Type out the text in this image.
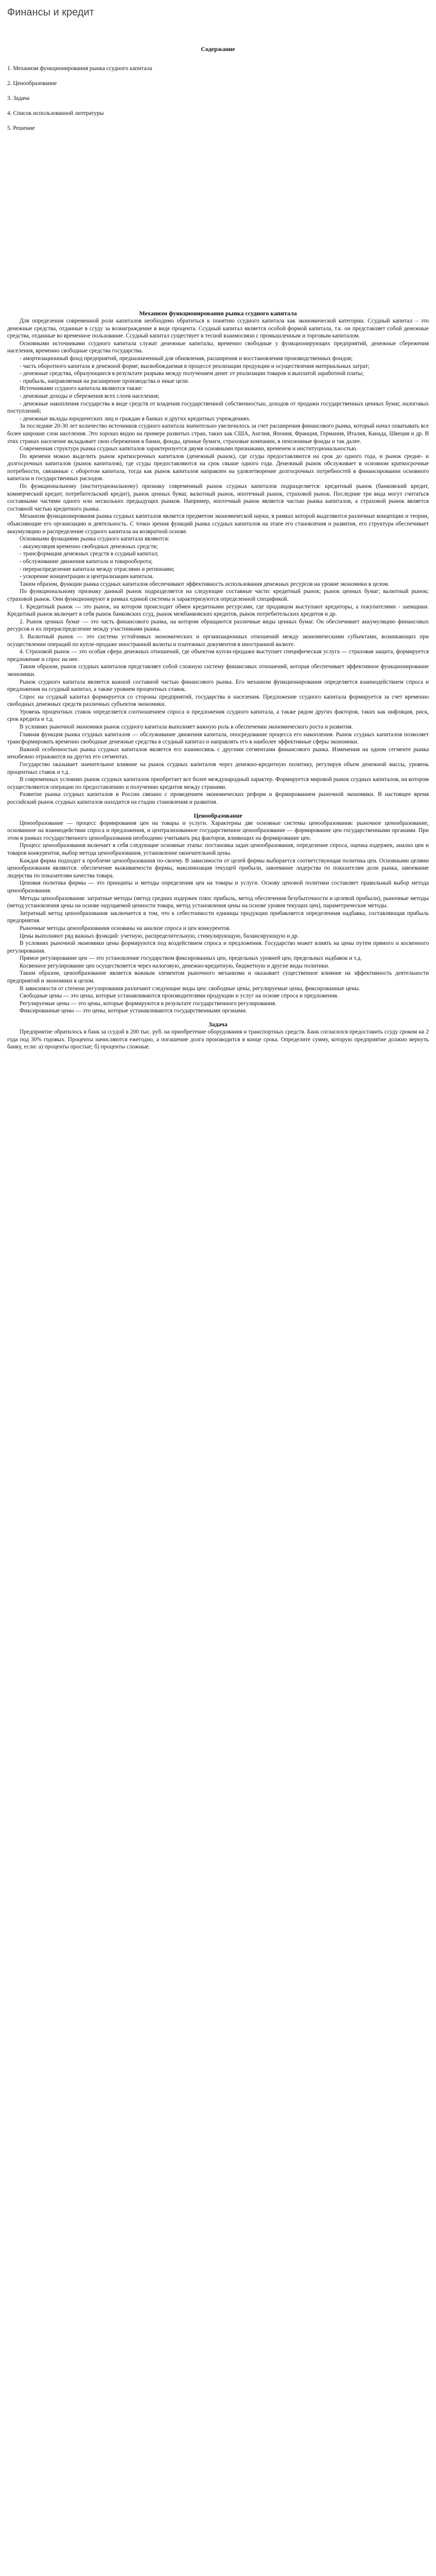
Финансы и кредит
Содержание
1. Механизм функционирования рынка ссудного капитала
2. Ценообразование
3. Задача
4. Список использованной литературы
5. Решение
Механизм функционирования рынка ссудного капитала

Для определения современной роли капиталов необходимо обратиться к понятию ссудного капитала как экономической категории. Ссудный капитал – это денежные средства, отданные в ссуду за вознаграждение в виде процента. Ссудный капитал является особой формой капитала, т.к. он представляет собой денежные средства, отданные во временное пользование. Ссудный капитал существует в тесной взаимосвязи с промышленным и торговым капиталом.

Основными источниками ссудного капитала служат денежные капиталы, временно свободные у функционирующих предприятий, денежные сбережения населения, временно свободные средства государства.

- амортизационный фонд предприятий, предназначенный для обновления, расширения и восстановления производственных фондов;

- часть оборотного капитала в денежной форме, высвобождаемая в процессе реализации продукции и осуществления материальных затрат;

- денежные средства, образующиеся в результате разрыва между получением денег от реализации товаров и выплатой заработной платы;

- прибыль, направляемая на расширение производства и иные цели.

Источниками ссудного капитала являются также:

- денежные доходы и сбережения всех слоев населения;

- денежные накопления государства в виде средств от владения государственной собственностью, доходов от продажи государственных ценных бумаг, налоговых поступлений;

- денежные вклады юридических лиц и граждан в банках и других кредитных учреждениях.

За последние 20-30 лет количество источников ссудного капитала значительно увеличилось за счет расширения финансового рынка, который начал охватывать все более широкие слои населения. Это хорошо видно на примере развитых стран, таких как США, Англия, Япония, Франция, Германия, Италия, Канада, Швеция и др. В этих странах население вкладывает свои сбережения в банки, фонды, ценные бумаги, страховые компании, в пенсионные фонды и так далее.

Современная структура рынка ссудных капиталов характеризуется двумя основными признаками, временем и институциональностью.

По времени можно выделить рынок краткосрочных капиталов (денежный рынок), где ссуды предоставляются на срок до одного года, и рынок средне- и долгосрочных капиталов (рынок капиталов), где ссуды предоставляются на срок свыше одного года. Денежный рынок обслуживает в основном краткосрочные потребности, связанные с оборотом капитала, тогда как рынок капиталов направлен на удовлетворение долгосрочных потребностей в финансировании основного капитала и государственных расходов.

По функциональному (институциональному) признаку современный рынок ссудных капиталов подразделяется: кредитный рынок (банковский кредит, коммерческий кредит, потребительский кредит), рынок ценных бумаг, валютный рынок, ипотечный рынок, страховой рынок. Последние три вида могут считаться составными частями одного или нескольких предыдущих рынков. Например, ипотечный рынок является частью рынка капиталов, а страховой рынок является составной частью кредитного рынка.

Механизм функционирования рынка ссудных капиталов является предметом экономической науки, в рамках которой выделяются различные концепции и теории, объясняющие его организацию и деятельность. С точки зрения функций рынка ссудных капиталов на этапе его становления и развития, его структура обеспечивает аккумуляцию и распределение ссудного капитала на возвратной основе.

Основными функциями рынка ссудного капитала являются:

- аккумуляция временно свободных денежных средств;

- трансформация денежных средств в ссудный капитал;

- обслуживание движения капитала и товарооборота;

- перераспределение капитала между отраслями и регионами;

- ускорение концентрации и централизации капитала.

Таким образом, функции рынка ссудных капиталов обеспечивают эффективность использования денежных ресурсов на уровне экономики в целом.

По функциональному признаку данный рынок подразделяется на следующие составные части: кредитный рынок; рынок ценных бумаг; валютный рынок; страховой рынок. Они функционируют в рамках единой системы и характеризуются определенной спецификой.

1. Кредитный рынок — это рынок, на котором происходит обмен кредитными ресурсами, где продавцом выступают кредиторы, а покупателями - заемщики. Кредитный рынок включает в себя рынок банковских ссуд, рынок межбанковских кредитов, рынок потребительских кредитов и др.

2. Рынок ценных бумаг — это часть финансового рынка, на котором обращаются различные виды ценных бумаг. Он обеспечивает аккумуляцию финансовых ресурсов и их перераспределение между участниками рынка.

3. Валютный рынок — это система устойчивых экономических и организационных отношений между экономическими субъектами, возникающих при осуществлении операций по купле-продаже иностранной валюты и платежных документов в иностранной валюте.

4. Страховой рынок — это особая сфера денежных отношений, где объектом купли-продажи выступает специфическая услуга — страховая защита, формируется предложение и спрос на нее.

Таким образом, рынок ссудных капиталов представляет собой сложную систему финансовых отношений, которая обеспечивает эффективное функционирование экономики.

Рынок ссудного капитала является важной составной частью финансового рынка. Его механизм функционирования определяется взаимодействием спроса и предложения на ссудный капитал, а также уровнем процентных ставок.

Спрос на ссудный капитал формируется со стороны предприятий, государства и населения. Предложение ссудного капитала формируется за счет временно свободных денежных средств различных субъектов экономики.

Уровень процентных ставок определяется соотношением спроса и предложения ссудного капитала, а также рядом других факторов, таких как инфляция, риск, срок кредита и т.д.

В условиях рыночной экономики рынок ссудного капитала выполняет важную роль в обеспечении экономического роста и развития.

Главная функция рынка ссудных капиталов — обслуживание движения капитала, опосредование процесса его накопления. Рынок ссудных капиталов позволяет трансформировать временно свободные денежные средства в ссудный капитал и направлять его в наиболее эффективные сферы экономики.

Важной особенностью рынка ссудных капиталов является его взаимосвязь с другими сегментами финансового рынка. Изменения на одном сегменте рынка неизбежно отражаются на других его сегментах.

Государство оказывает значительное влияние на рынок ссудных капиталов через денежно-кредитную политику, регулируя объем денежной массы, уровень процентных ставок и т.д.

В современных условиях рынок ссудных капиталов приобретает все более международный характер. Формируется мировой рынок ссудных капиталов, на котором осуществляются операции по предоставлению и получению кредитов между странами.

Развитие рынка ссудных капиталов в России связано с проведением экономических реформ и формированием рыночной экономики. В настоящее время российский рынок ссудных капиталов находится на стадии становления и развития.

Ценообразование

Ценообразование — процесс формирования цен на товары и услуги. Характерны две основные системы ценообразования: рыночное ценообразование, основанное на взаимодействии спроса и предложения, и централизованное государственное ценообразование — формирование цен государственными органами. При этом в рамках государственного ценообразования необходимо учитывать ряд факторов, влияющих на формирование цен.

Процесс ценообразования включает в себя следующие основные этапы: постановка задач ценообразования, определение спроса, оценка издержек, анализ цен и товаров конкурентов, выбор метода ценообразования, установление окончательной цены.

Каждая фирма подходит к проблеме ценообразования по-своему. В зависимости от целей фирмы выбирается соответствующая политика цен. Основными целями ценообразования являются: обеспечение выживаемости фирмы, максимизация текущей прибыли, завоевание лидерства по показателям доли рынка, завоевание лидерства по показателям качества товара.

Ценовая политика фирмы — это принципы и методы определения цен на товары и услуги. Основу ценовой политики составляет правильный выбор метода ценообразования.

Методы ценообразования: затратные методы (метод средних издержек плюс прибыль, метод обеспечения безубыточности и целевой прибыли), рыночные методы (метод установления цены на основе ощущаемой ценности товара, метод установления цены на основе уровня текущих цен), параметрические методы.

Затратный метод ценообразования заключается в том, что к себестоимости единицы продукции прибавляется определенная надбавка, составляющая прибыль предприятия.

Рыночные методы ценообразования основаны на анализе спроса и цен конкурентов.

Цены выполняют ряд важных функций: учетную, распределительную, стимулирующую, балансирующую и др.

В условиях рыночной экономики цены формируются под воздействием спроса и предложения. Государство может влиять на цены путем прямого и косвенного регулирования.

Прямое регулирование цен — это установление государством фиксированных цен, предельных уровней цен, предельных надбавок и т.д.

Косвенное регулирование цен осуществляется через налоговую, денежно-кредитную, бюджетную и другие виды политики.

Таким образом, ценообразование является важным элементом рыночного механизма и оказывает существенное влияние на эффективность деятельности предприятий и экономики в целом.

В зависимости от степени регулирования различают следующие виды цен: свободные цены, регулируемые цены, фиксированные цены.

Свободные цены — это цены, которые устанавливаются производителями продукции и услуг на основе спроса и предложения.

Регулируемые цены — это цены, которые формируются в результате государственного регулирования.

Фиксированные цены — это цены, которые устанавливаются государственными органами.

Задача

Предприятие обратилось в банк за ссудой в 200 тыс. руб. на приобретение оборудования и транспортных средств. Банк согласился предоставить ссуду сроком на 2 года под 30% годовых. Проценты начисляются ежегодно, а погашение долга производится в конце срока. Определите сумму, которую предприятие должно вернуть банку, если: а) проценты простые; б) проценты сложные.
